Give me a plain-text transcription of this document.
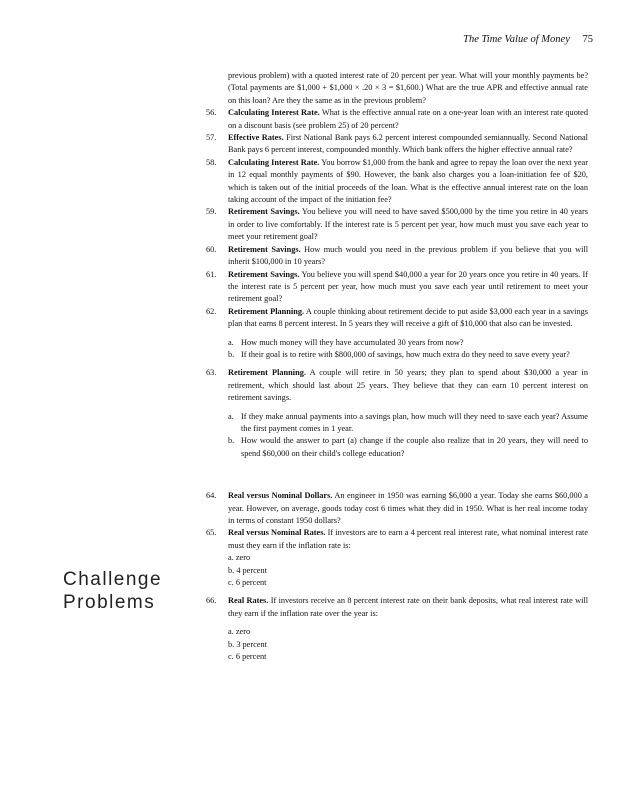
The Time Value of Money 75
Challenge
Problems
previous problem) with a quoted interest rate of 20 percent per year. What will your monthly payments be? (Total payments are $1,000 + $1,000 × .20 × 3 = $1,600.) What are the true APR and effective annual rate on this loan? Are they the same as in the previous problem?
56. Calculating Interest Rate. What is the effective annual rate on a one-year loan with an interest rate quoted on a discount basis (see problem 25) of 20 percent?
57. Effective Rates. First National Bank pays 6.2 percent interest compounded semiannually. Second National Bank pays 6 percent interest, compounded monthly. Which bank offers the higher effective annual rate?
58. Calculating Interest Rate. You borrow $1,000 from the bank and agree to repay the loan over the next year in 12 equal monthly payments of $90. However, the bank also charges you a loan-initiation fee of $20, which is taken out of the initial proceeds of the loan. What is the effective annual interest rate on the loan taking account of the impact of the initiation fee?
59. Retirement Savings. You believe you will need to have saved $500,000 by the time you retire in 40 years in order to live comfortably. If the interest rate is 5 percent per year, how much must you save each year to meet your retirement goal?
60. Retirement Savings. How much would you need in the previous problem if you believe that you will inherit $100,000 in 10 years?
61. Retirement Savings. You believe you will spend $40,000 a year for 20 years once you retire in 40 years. If the interest rate is 5 percent per year, how much must you save each year until retirement to meet your retirement goal?
62. Retirement Planning. A couple thinking about retirement decide to put aside $3,000 each year in a savings plan that earns 8 percent interest. In 5 years they will receive a gift of $10,000 that also can be invested.
a. How much money will they have accumulated 30 years from now?
b. If their goal is to retire with $800,000 of savings, how much extra do they need to save every year?
63. Retirement Planning. A couple will retire in 50 years; they plan to spend about $30,000 a year in retirement, which should last about 25 years. They believe that they can earn 10 percent interest on retirement savings.
a. If they make annual payments into a savings plan, how much will they need to save each year? Assume the first payment comes in 1 year.
b. How would the answer to part (a) change if the couple also realize that in 20 years, they will need to spend $60,000 on their child's college education?
64. Real versus Nominal Dollars. An engineer in 1950 was earning $6,000 a year. Today she earns $60,000 a year. However, on average, goods today cost 6 times what they did in 1950. What is her real income today in terms of constant 1950 dollars?
65. Real versus Nominal Rates. If investors are to earn a 4 percent real interest rate, what nominal interest rate must they earn if the inflation rate is:
a. zero
b. 4 percent
c. 6 percent
66. Real Rates. If investors receive an 8 percent interest rate on their bank deposits, what real interest rate will they earn if the inflation rate over the year is:
a. zero
b. 3 percent
c. 6 percent
